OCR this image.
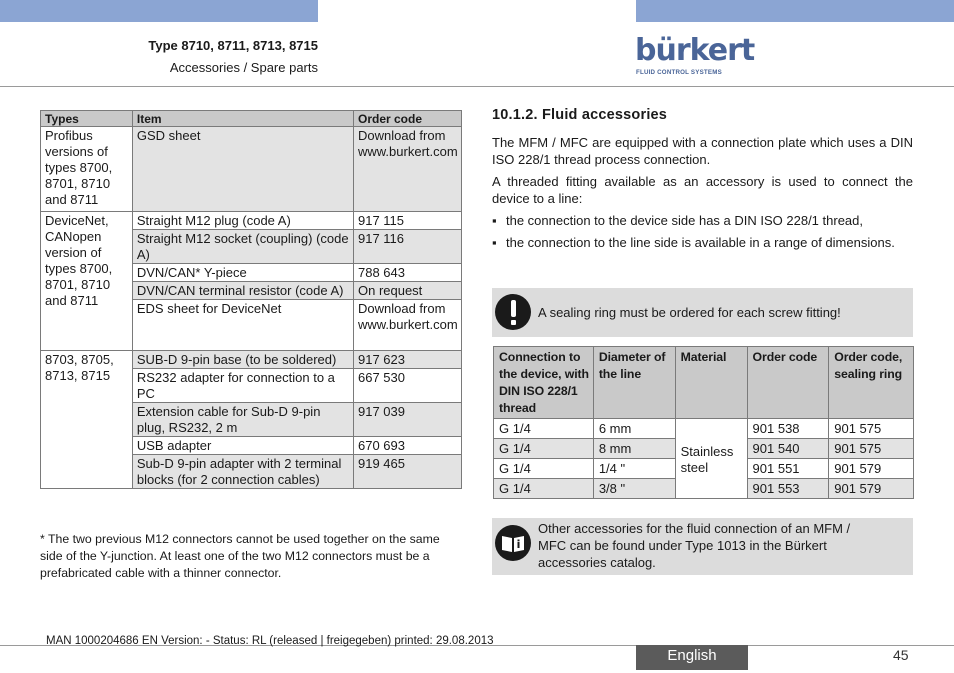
Type 8710, 8711, 8713, 8715
Accessories / Spare parts	bürkert
FLUID CONTROL SYSTEMS
Types	Item	Order code
Profibus versions of types 8700, 8701, 8710 and 8711	GSD sheet	Download from www.burkert.com
DeviceNet, CANopen version of types 8700, 8701, 8710 and 8711	Straight M12 plug (code A)	917 115
	Straight M12 socket (coupling) (code A)	917 116
	DVN/CAN* Y-piece	788 643
	DVN/CAN terminal resistor (code A)	On request
	EDS sheet for DeviceNet	Download from www.burkert.com
8703, 8705, 8713, 8715	SUB-D 9-pin base (to be soldered)	917 623
	RS232 adapter for connection to a PC	667 530
	Extension cable for Sub-D 9-pin plug, RS232, 2 m	917 039
	USB adapter	670 693
	Sub-D 9-pin adapter with 2 terminal blocks (for 2 connection cables)	919 465
* The two previous M12 connectors cannot be used together on the same side of the Y-junction. At least one of the two M12 connectors must be a prefabricated cable with a thinner connector.
10.1.2. Fluid accessories
The MFM / MFC are equipped with a connection plate which uses a DIN ISO 228/1 thread process connection.
A threaded fitting available as an accessory is used to connect the device to a line:
▪ the connection to the device side has a DIN ISO 228/1 thread,
▪ the connection to the line side is available in a range of dimensions.
A sealing ring must be ordered for each screw fitting!
Connection to the device, with DIN ISO 228/1 thread	Diameter of the line	Material	Order code	Order code, sealing ring
G 1/4	6 mm	Stainless steel	901 538	901 575
G 1/4	8 mm		901 540	901 575
G 1/4	1/4 "		901 551	901 579
G 1/4	3/8 "		901 553	901 579
Other accessories for the fluid connection of an MFM / MFC can be found under Type 1013 in the Bürkert accessories catalog.
MAN 1000204686 EN Version: - Status: RL (released | freigegeben) printed: 29.08.2013
English	45
